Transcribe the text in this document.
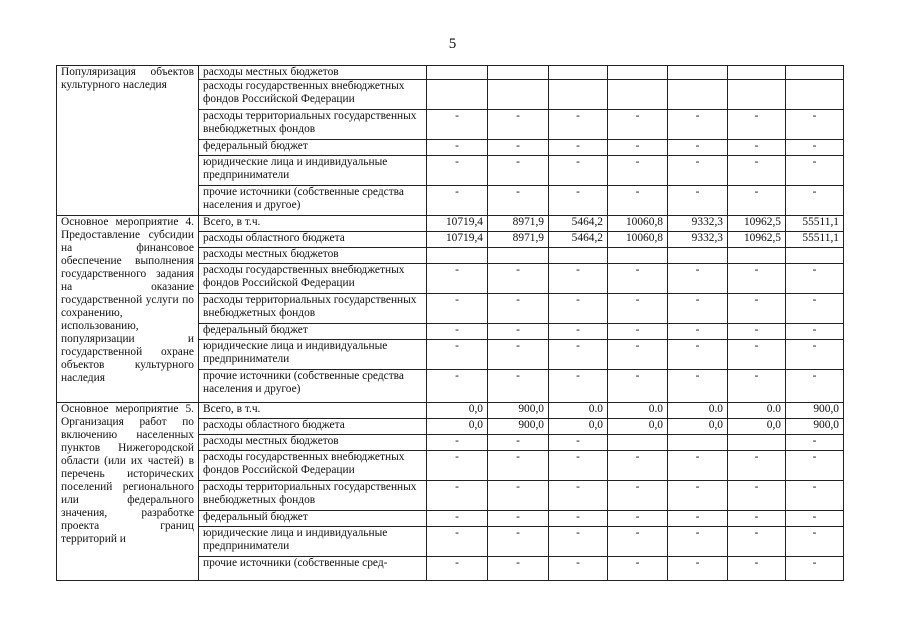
5
Популяризация объектов культурного наследия	расходы местных бюджетов							
	расходы государственных внебюджетных фондов Российской Федерации							
	расходы территориальных государственных внебюджетных фондов	-	-	-	-	-	-	-
	федеральный бюджет	-	-	-	-	-	-	-
	юридические лица и индивидуальные предприниматели	-	-	-	-	-	-	-
	прочие источники (собственные средства населения и другое)	-	-	-	-	-	-	-
Основное мероприятие 4. Предоставление субсидии на финансовое обеспечение выполнения государственного задания на оказание государственной услуги по сохранению, использованию, популяризации и государственной охране объектов культурного наследия	Всего, в т.ч.	10719,4	8971,9	5464,2	10060,8	9332,3	10962,5	55511,1
	расходы областного бюджета	10719,4	8971,9	5464,2	10060,8	9332,3	10962,5	55511,1
	расходы местных бюджетов							
	расходы государственных внебюджетных фондов Российской Федерации	-	-	-	-	-	-	-
	расходы территориальных государственных внебюджетных фондов	-	-	-	-	-	-	-
	федеральный бюджет	-	-	-	-	-	-	-
	юридические лица и индивидуальные предприниматели	-	-	-	-	-	-	-
	прочие источники (собственные средства населения и другое)	-	-	-	-	-	-	-
Основное мероприятие 5. Организация работ по включению населенных пунктов Нижегородской области (или их частей) в перечень исторических поселений регионального или федерального значения, разработке проекта границ территорий и	Всего, в т.ч.	0,0	900,0	0.0	0.0	0.0	0.0	900,0
	расходы областного бюджета	0,0	900,0	0,0	0,0	0,0	0,0	900,0
	расходы местных бюджетов	-	-	-				-
	расходы государственных внебюджетных фондов Российской Федерации	-	-	-	-	-	-	-
	расходы территориальных государственных внебюджетных фондов	-	-	-	-	-	-	-
	федеральный бюджет	-	-	-	-	-	-	-
	юридические лица и индивидуальные предприниматели	-	-	-	-	-	-	-
	прочие источники (собственные сред-	-	-	-	-	-	-	-
